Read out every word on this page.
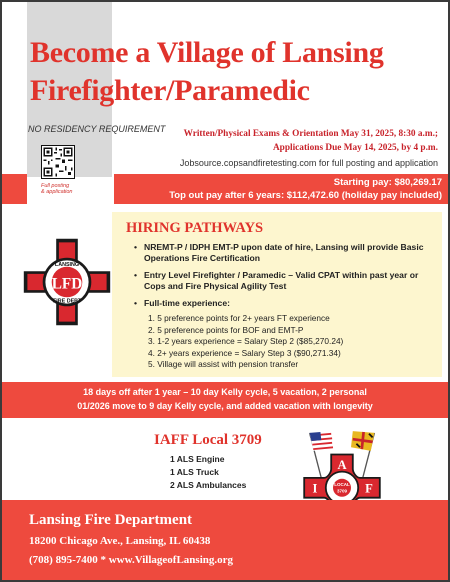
Become a Village of Lansing
Firefighter/Paramedic
NO RESIDENCY REQUIREMENT	Written/Physical Exams & Orientation May 31, 2025, 8:30 a.m.;
Applications Due May 14, 2025, by 4 p.m.
Jobsource.copsandfiretesting.com for full posting and application
Full posting
& application
Starting pay: $80,269.17
Top out pay after 6 years: $112,472.60 (holiday pay included)
HIRING PATHWAYS
• NREMT-P / IDPH EMT-P upon date of hire, Lansing will provide Basic Operations Fire Certification
• Entry Level Firefighter / Paramedic – Valid CPAT within past year or Cops and Fire Physical Agility Test
• Full-time experience:
1. 5 preference points for 2+ years FT experience
2. 5 preference points for BOF and EMT-P
3. 1-2 years experience = Salary Step 2 ($85,270.24)
4. 2+ years experience = Salary Step 3 ($90,271.34)
5. Village will assist with pension transfer
LFD
LANSING
FIRE DEPT
18 days off after 1 year – 10 day Kelly cycle, 5 vacation, 2 personal
01/2026 move to 9 day Kelly cycle, and added vacation with longevity
IAFF Local 3709
1 ALS Engine
1 ALS Truck
2 ALS Ambulances
A
I	F
LOCAL
3709
Lansing Fire Department
18200 Chicago Ave., Lansing, IL 60438
(708) 895-7400 * www.VillageofLansing.org
